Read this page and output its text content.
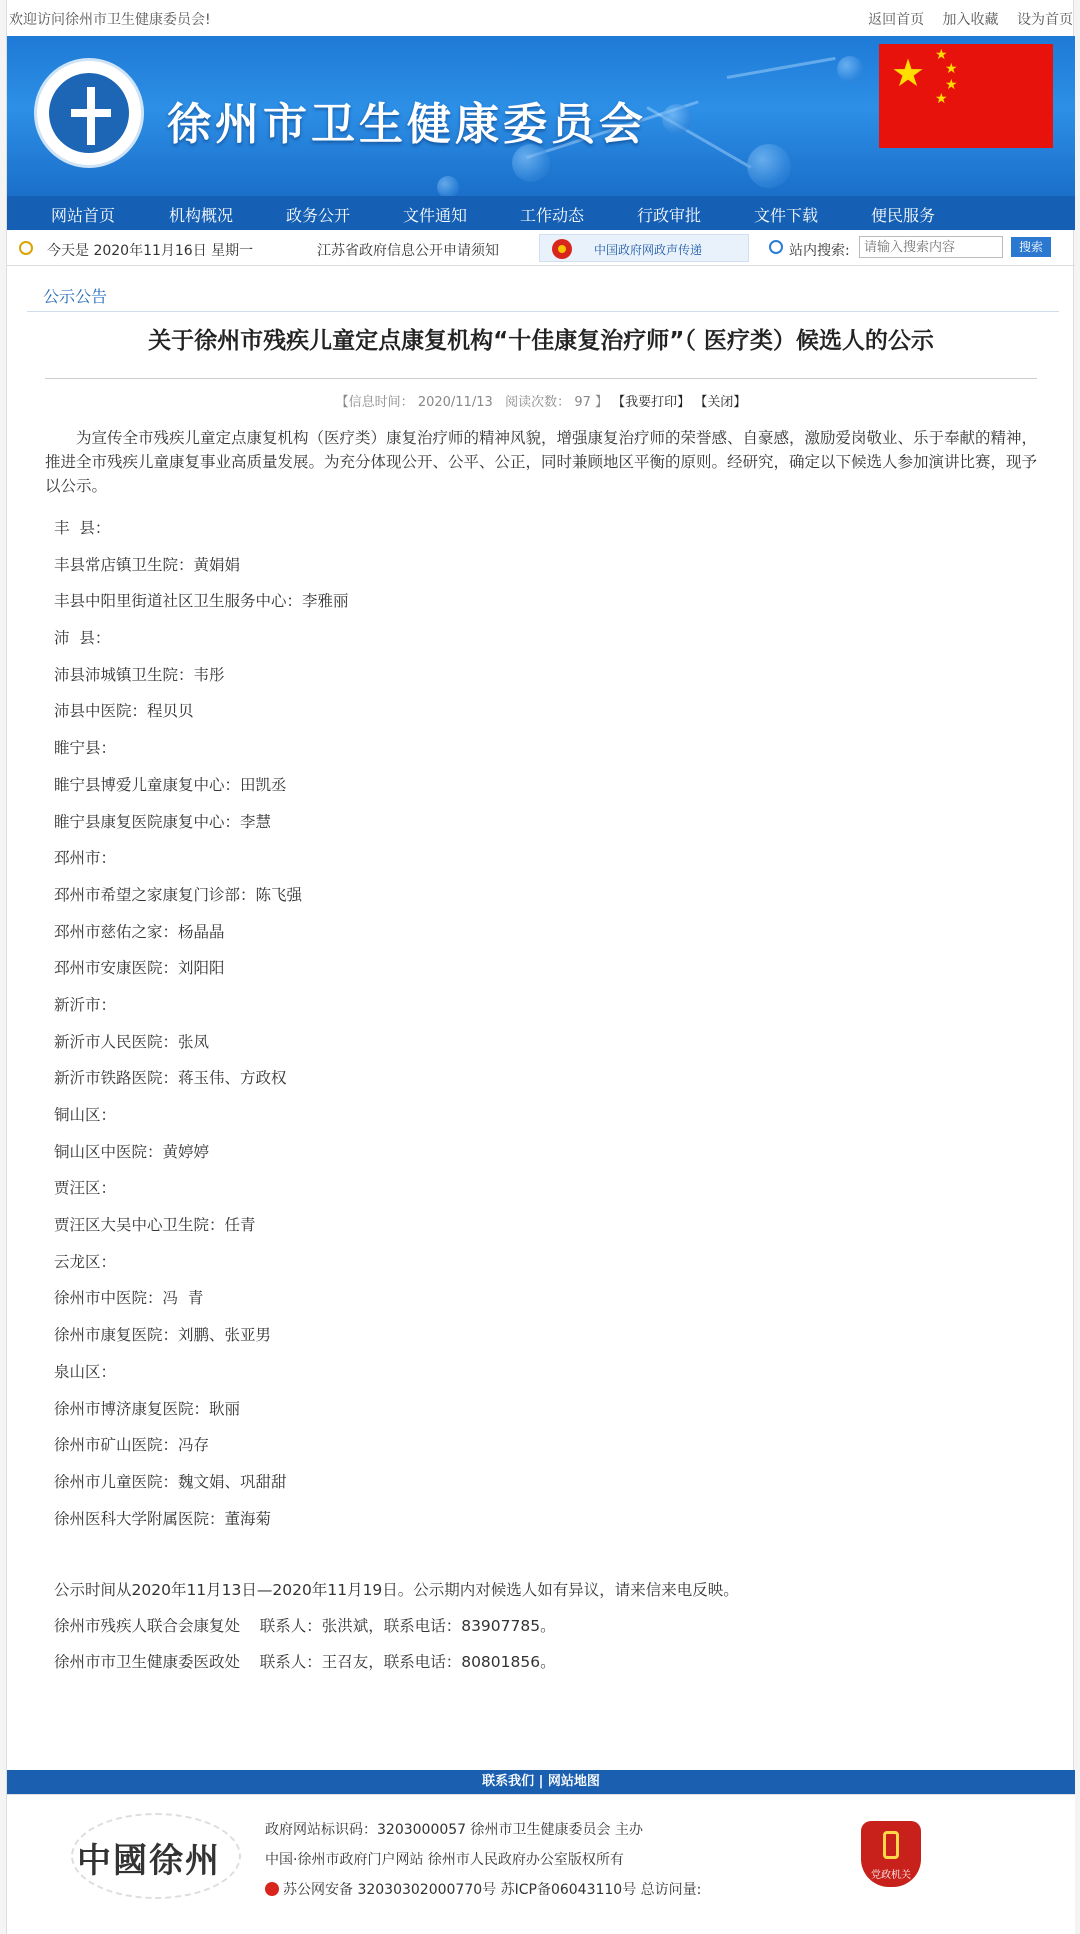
欢迎访问徐州市卫生健康委员会!	返回首页 加入收藏 设为首页
徐州市卫生健康委员会
★ ★
★
★
★
网站首页	机构概况	政务公开	文件通知	工作动态	行政审批	文件下载	便民服务
今天是 2020年11月16日 星期一	江苏省政府信息公开申请须知	中国政府网政声传递	站内搜索:
请输入搜索内容	搜索
公示公告
关于徐州市残疾儿童定点康复机构“十佳康复治疗师”（ 医疗类）候选人的公示
【信息时间： 2020/11/13 阅读次数： 97 】 【我要打印】 【关闭】
为宣传全市残疾儿童定点康复机构（医疗类）康复治疗师的精神风貌，增强康复治疗师的荣誉感、自豪感，激励爱岗敬业、乐于奉献的精神，推进全市残疾儿童康复事业高质量发展。为充分体现公开、公平、公正，同时兼顾地区平衡的原则。经研究，确定以下候选人参加演讲比赛，现予以公示。
丰  县：
丰县常店镇卫生院：黄娟娟
丰县中阳里街道社区卫生服务中心：李雅丽
沛  县：
沛县沛城镇卫生院：韦彤
沛县中医院：程贝贝
睢宁县：
睢宁县博爱儿童康复中心：田凯丞
睢宁县康复医院康复中心：李慧
邳州市：
邳州市希望之家康复门诊部：陈飞强
邳州市慈佑之家：杨晶晶
邳州市安康医院：刘阳阳
新沂市：
新沂市人民医院：张凤
新沂市铁路医院：蒋玉伟、方政权
铜山区：
铜山区中医院：黄婷婷
贾汪区：
贾汪区大吴中心卫生院：任青
云龙区：
徐州市中医院：冯  青
徐州市康复医院：刘鹏、张亚男
泉山区：
徐州市博济康复医院：耿丽
徐州市矿山医院：冯存
徐州市儿童医院：魏文娟、巩甜甜
徐州医科大学附属医院：董海菊
公示时间从2020年11月13日—2020年11月19日。公示期内对候选人如有异议，请来信来电反映。
徐州市残疾人联合会康复处    联系人：张洪斌，联系电话：83907785。
徐州市市卫生健康委医政处    联系人：王召友，联系电话：80801856。
联系我们 | 网站地图
中國徐州
政府网站标识码：3203000057 徐州市卫生健康委员会 主办
中国·徐州市政府门户网站 徐州市人民政府办公室版权所有
苏公网安备 32030302000770号 苏ICP备06043110号 总访问量:
党政机关
